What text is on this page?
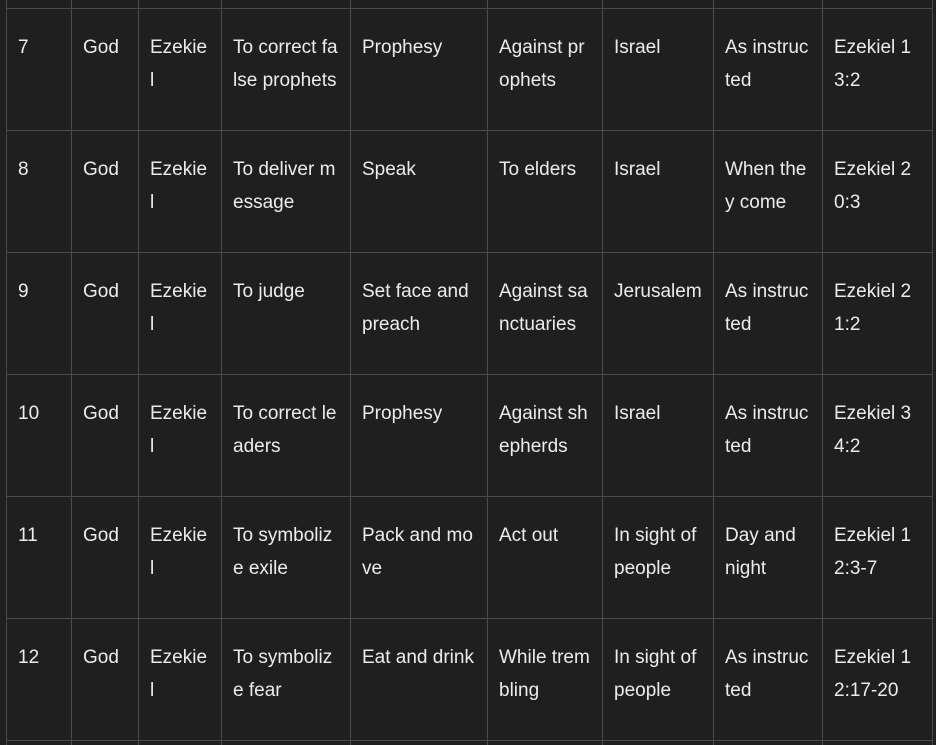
7	God	Ezekiel	To correct false prophets	Prophesy	Against prophets	Israel	As instructed	Ezekiel 13:2
8	God	Ezekiel	To deliver message	Speak	To elders	Israel	When they come	Ezekiel 20:3
9	God	Ezekiel	To judge	Set face and preach	Against sanctuaries	Jerusalem	As instructed	Ezekiel 21:2
10	God	Ezekiel	To correct leaders	Prophesy	Against shepherds	Israel	As instructed	Ezekiel 34:2
11	God	Ezekiel	To symbolize exile	Pack and move	Act out	In sight of people	Day and night	Ezekiel 12:3-7
12	God	Ezekiel	To symbolize fear	Eat and drink	While trembling	In sight of people	As instructed	Ezekiel 12:17-20
